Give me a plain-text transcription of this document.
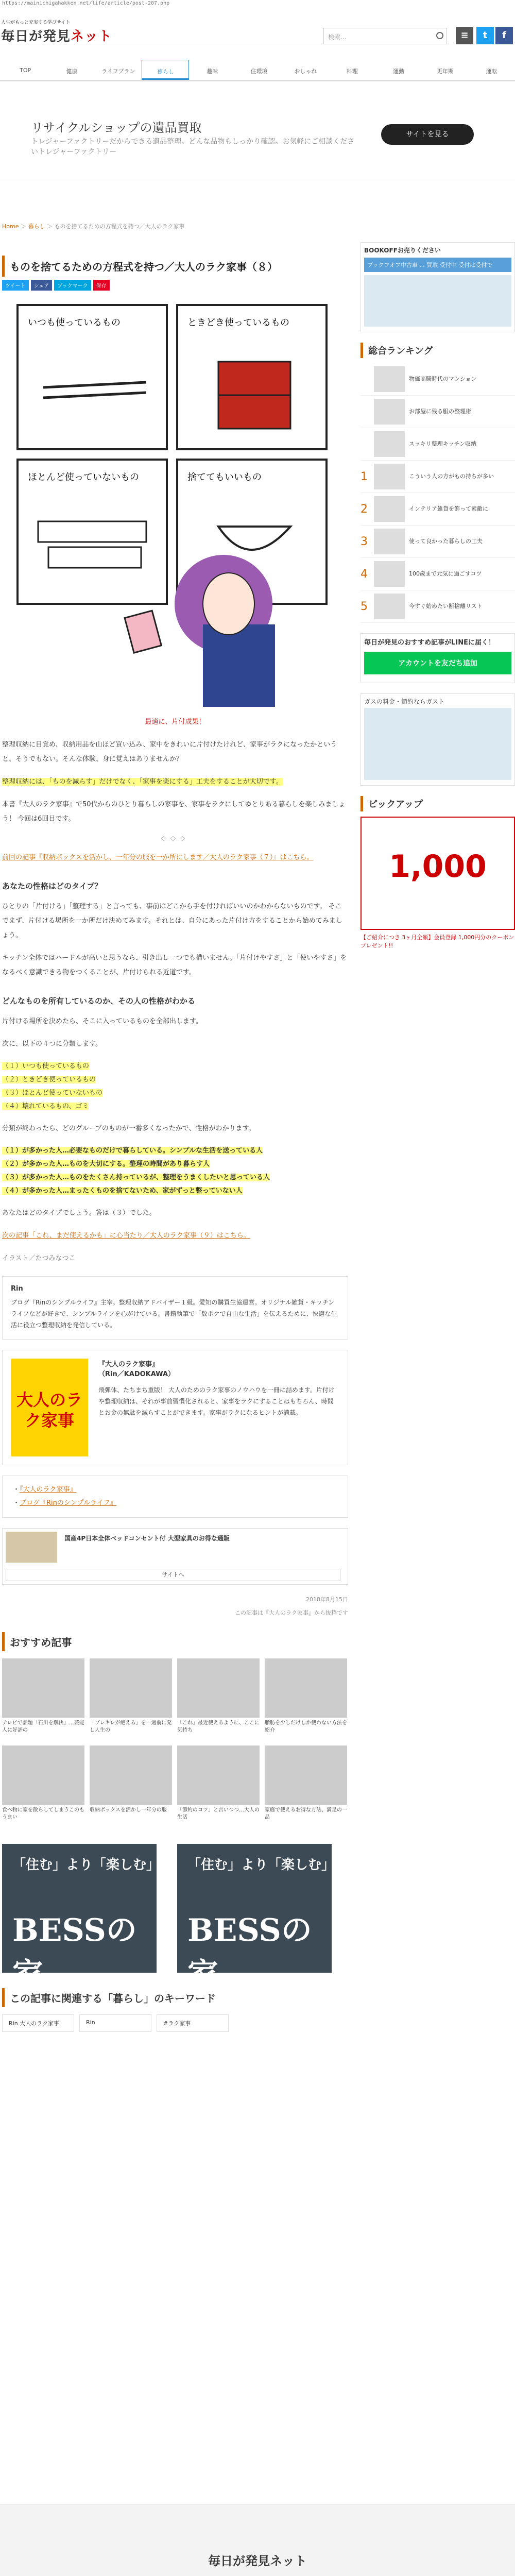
https://mainichigahakken.net/life/article/post-207.php
人生がもっと充実する学びサイト
毎日が発見ネット	検索...	≡	t	f
TOP	健康	ライフプラン	暮らし	趣味	住環境	おしゃれ	料理	運動	更年期	運転
リサイクルショップの遺品買取
トレジャーファクトリーだからできる遺品整理。どんな品物もしっかり確認。お気軽にご相談くださいトレジャーファクトリー
サイトを見る
Home ＞ 暮らし ＞ ものを捨てるための方程式を持つ／大人のラク家事
ものを捨てるための方程式を持つ／大人のラク家事（８）
ツイート	シェア	ブックマーク	保存
いつも使っているもの	ときどき使っているもの
ほとんど使っていないもの	捨ててもいいもの

最適に、片付成果！

整理収納に目覚め、収納用品を山ほど買い込み、家中をきれいに片付けたけれど、家事がラクになったかというと、そうでもない。そんな体験、身に覚えはありませんか？

整理収納には、「ものを減らす」だけでなく、「家事を楽にする」工夫をすることが大切です。

本書『大人のラク家事』で50代からのひとり暮らしの家事を、家事をラクにしてゆとりある暮らしを楽しみましょう！ 今回は6回目です。

◇◇◇

前回の記事『収納ボックスを活かし、一年分の服を一か所にします／大人のラク家事（７）』はこちら。

あなたの性格はどのタイプ？

ひとりの「片付ける」「整理する」と言っても、事前はどこから手を付ければいいのかわからないものです。 そこでまず、片付ける場所を一か所だけ決めてみます。それとは、自分にあった片付け方をすることから始めてみましょう。

キッチン全体ではハードルが高いと思うなら、引き出し一つでも構いません。「片付けやすさ」と「使いやすさ」をなるべく意識できる物をつくることが、片付けられる近道です。

どんなものを所有しているのか、その人の性格がわかる

片付ける場所を決めたら、そこに入っているものを全部出します。

次に、以下の４つに分類します。

（１）いつも使っているもの
（２）ときどき使っているもの
（３）ほとんど使っていないもの
（４）壊れているもの、ゴミ

分類が終わったら、どのグループのものが一番多くなったかで、性格がわかります。

（１）が多かった人…必要なものだけで暮らしている。シンプルな生活を送っている人
（２）が多かった人…ものを大切にする。整理の時間があり暮らす人
（３）が多かった人…ものをたくさん持っているが、整理をうまくしたいと思っている人
（４）が多かった人…まったくものを捨てないため、家がずっと整っていない人

あなたはどのタイプでしょう。答は（３）でした。

次の記事「これ、まだ使えるかも」に心当たり／大人のラク家事（９）はこちら。

イラスト／たつみなつこ

Rin
ブログ『Rinのシンプルライフ』主宰。整理収納アドバイザー１級。愛知の購買生協運営。オリジナル雑貨・キッチンライフなどが好きで、シンプルライフを心がけている。書籍執筆で「数ポケで自由な生活」を伝えるために、快適な生活に役立つ整理収納を発信している。
大人のラク家事
『大人のラク家事』
（Rin／KADOKAWA）
飛弾体、たちまち重版！ 大人のためのラク家事のノウハウを一冊に詰めます。片付けや整理収納は、それが事前習慣化されると、家事をラクにすることはもちろん、時間とお金の無駄を減らすことができます。家事がラクになるヒントが満載。
・『大人のラク家事』
・ブログ『Rinのシンプルライフ』
国産4P日本全体ベッドコンセント付 大型家具のお得な通販
サイトへ
2018年8月15日
この記事は『大人のラク家事』から抜粋です
おすすめ記事
テレビで話題「石川を解決」…芸能人に好評の
「ブレキレが絶える」を一週前に発し人生の
「これ」最近使えるように、ここに気持ち
脂肪を少しだけしか使わない方法を紹介
食べ物に家を散らしてしまうこのもうまい
収納ボックスを活かし一年分の服	「節約のコツ」と言いつつ…大人の生活
家庭で使えるお得な方法、満足の一品
「住む」より「楽しむ」
BESSの家
「住む」より「楽しむ」
BESSの家
この記事に関連する「暮らし」のキーワード
Rin 大人のラク家事	Rin	#ラク家事
BOOKOFFお売りください
ブックフオフ中古車 ... 買取 受付中 受付は受付で
総合ランキング
物価高騰時代のマンション
お部屋に残る服の整理術
スッキリ整理キッチン収納
1	こういう人の方がもの持ちが多い
2	インテリア雑貨を飾って素敵に
3	使って良かった暮らしの工夫
4	100歳まで元気に過ごすコツ
5	今すぐ始めたい断捨離リスト
毎日が発見のおすすめ記事がLINEに届く！
アカウントを友だち追加
ガスの料金・節約ならガスト
ピックアップ
1,000
【ご紹介につき 3ヶ月全額】会員登録 1,000円分のクーポンプレゼント!!
毎日が発見ネット
